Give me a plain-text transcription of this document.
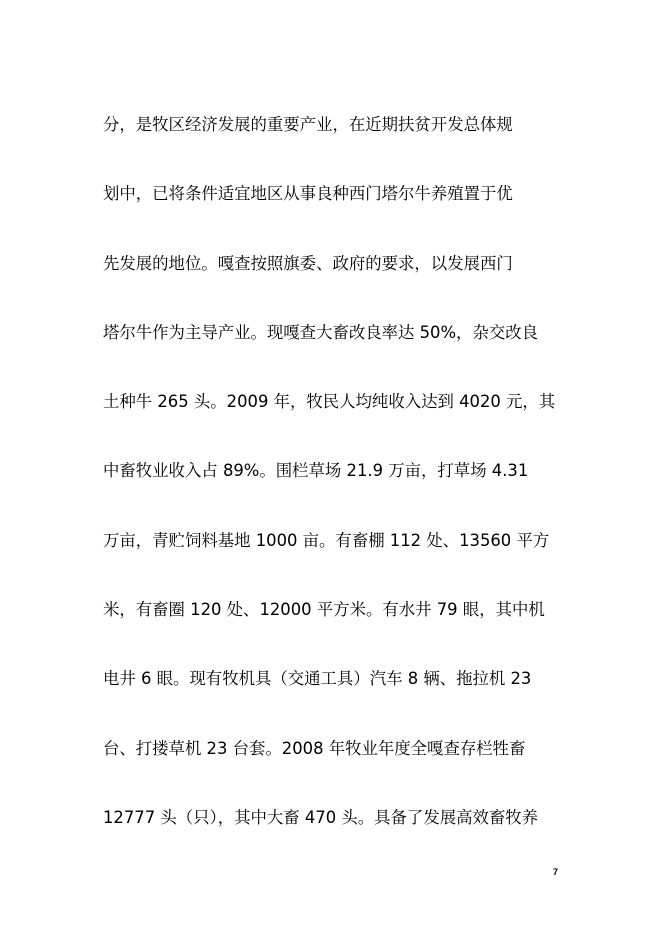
分，是牧区经济发展的重要产业，在近期扶贫开发总体规
划中，已将条件适宜地区从事良种西门塔尔牛养殖置于优
先发展的地位。嘎查按照旗委、政府的要求，以发展西门
塔尔牛作为主导产业。现嘎查大畜改良率达 50%，杂交改良
土种牛 265 头。2009 年，牧民人均纯收入达到 4020 元，其
中畜牧业收入占 89%。围栏草场 21.9 万亩，打草场 4.31
万亩，青贮饲料基地 1000 亩。有畜棚 112 处、13560 平方
米，有畜圈 120 处、12000 平方米。有水井 79 眼，其中机
电井 6 眼。现有牧机具（交通工具）汽车 8 辆、拖拉机 23
台、打搂草机 23 台套。2008 年牧业年度全嘎查存栏牲畜
12777 头（只），其中大畜 470 头。具备了发展高效畜牧养
7
